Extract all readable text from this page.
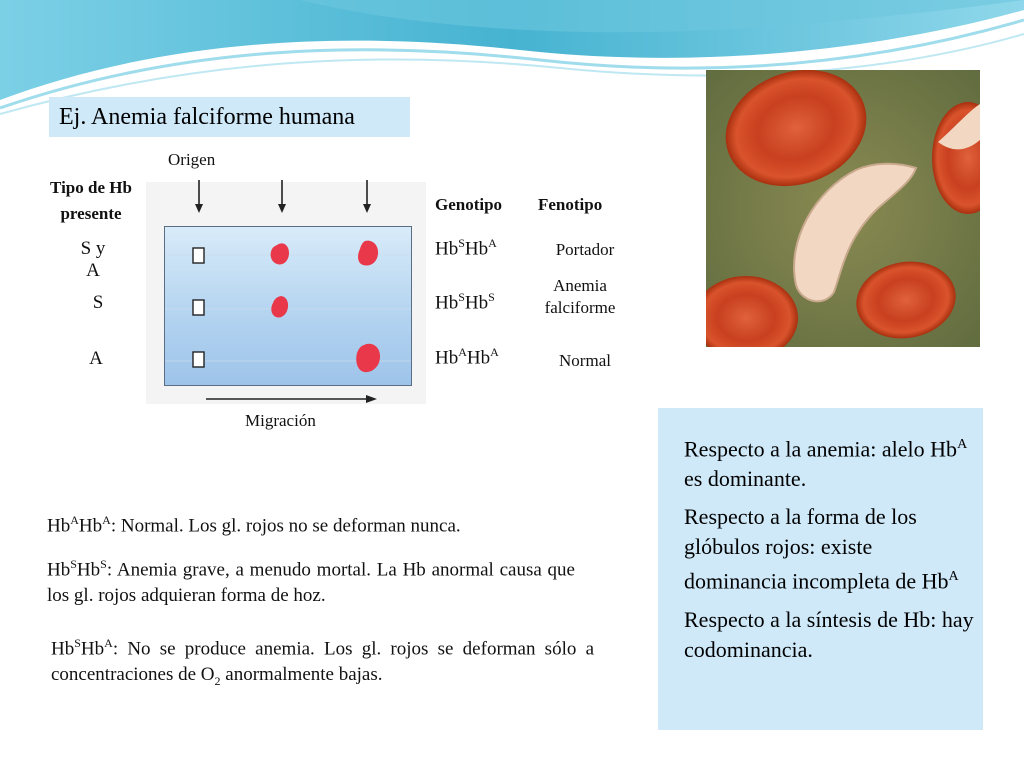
Ej. Anemia falciforme humana
Tipo de Hb
presente
Origen
Migración
S y A
S
A
Genotipo Fenotipo
$Hb^SHb^A$
$Hb^SHb^S$
$Hb^AHb^A$
Portador
Anemia
falciforme
Normal
$Hb^AHb^A$: Normal. Los gl. rojos no se deforman nunca.
$Hb^SHb^S$: Anemia grave, a menudo mortal. La Hb anormal causa que los gl. rojos adquieran forma de hoz.
$Hb^SHb^A$: No se produce anemia. Los gl. rojos se deforman sólo a concentraciones de $O_2$ anormalmente bajas.

Respecto a la anemia: alelo $Hb^A$ es dominante.

Respecto a la forma de los glóbulos rojos: existe dominancia incompleta de $Hb^A$

Respecto a la síntesis de Hb: hay codominancia.
